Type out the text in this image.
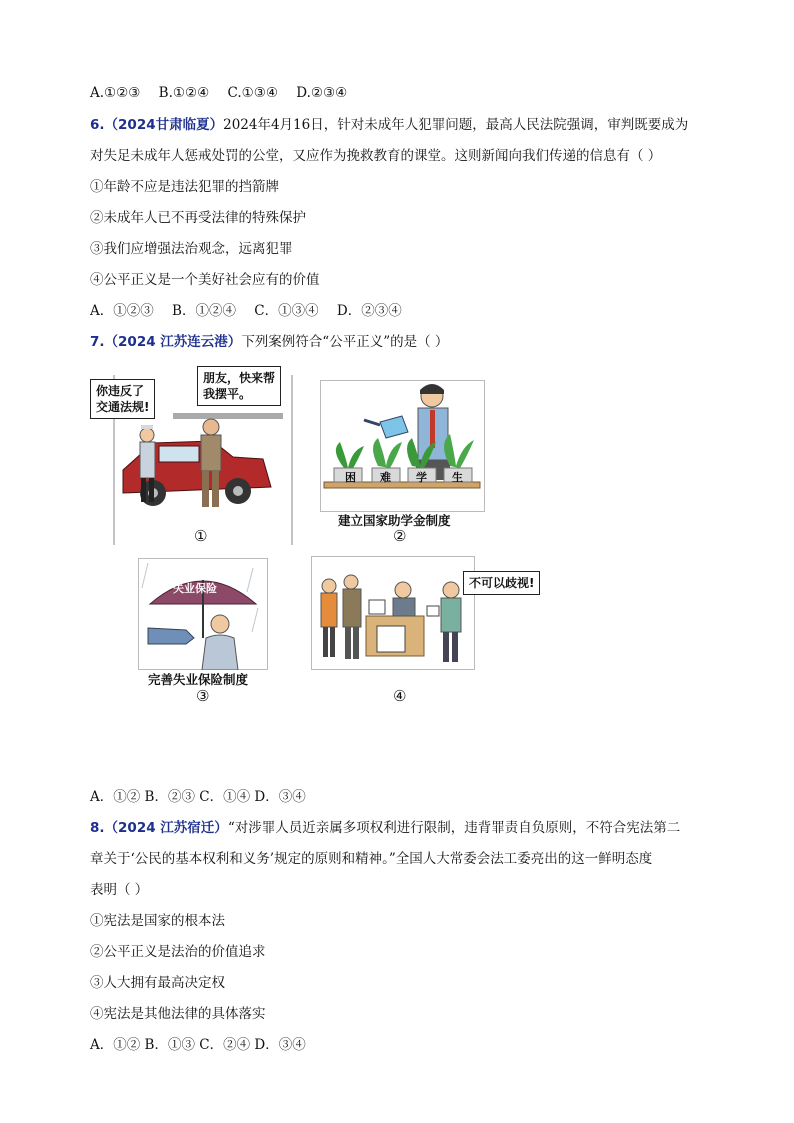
A.①②③ B.①②④ C.①③④ D.②③④
6.（2024甘肃临夏）2024年4月16日，针对未成年人犯罪问题，最高人民法院强调，审判既要成为
对失足未成年人惩戒处罚的公堂，又应作为挽救教育的课堂。这则新闻向我们传递的信息有（ ）
①年龄不应是违法犯罪的挡箭牌
②未成年人已不再受法律的特殊保护
③我们应增强法治观念，远离犯罪
④公平正义是一个美好社会应有的价值
A．①②③ B．①②④ C．①③④ D．②③④
7.（2024 江苏连云港）下列案例符合“公平正义”的是（ ）
你违反了
交通法规!
朋友，快来帮
我摆平。
①
困 难 学 生
建立国家助学金制度
②
失业保险
完善失业保险制度
③
不可以歧视!
④
A．①② B．②③ C．①④ D．③④
8.（2024 江苏宿迁）“对涉罪人员近亲属多项权利进行限制，违背罪责自负原则，不符合宪法第二
章关于‘公民的基本权利和义务’规定的原则和精神。”全国人大常委会法工委亮出的这一鲜明态度
表明（ ）
①宪法是国家的根本法
②公平正义是法治的价值追求
③人大拥有最高决定权
④宪法是其他法律的具体落实
A．①② B．①③ C．②④ D．③④
